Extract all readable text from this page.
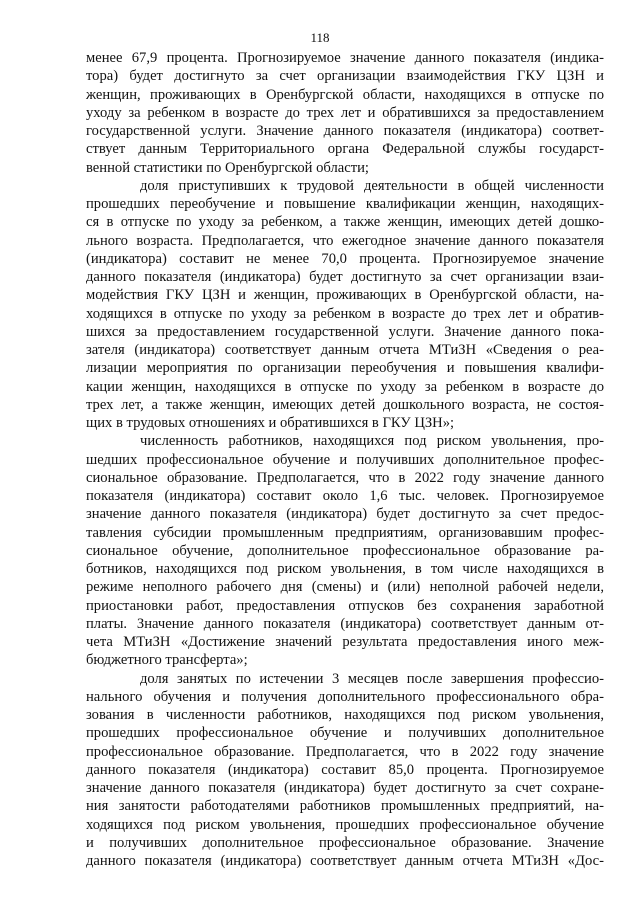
118
менее 67,9 процента. Прогнозируемое значение данного показателя (индика-
тора) будет достигнуто за счет организации взаимодействия ГКУ ЦЗН и
женщин, проживающих в Оренбургской области, находящихся в отпуске по
уходу за ребенком в возрасте до трех лет и обратившихся за предоставлением
государственной услуги. Значение данного показателя (индикатора) соответ-
ствует данным Территориального органа Федеральной службы государст-
венной статистики по Оренбургской области;
доля приступивших к трудовой деятельности в общей численности
прошедших переобучение и повышение квалификации женщин, находящих-
ся в отпуске по уходу за ребенком, а также женщин, имеющих детей дошко-
льного возраста. Предполагается, что ежегодное значение данного показателя
(индикатора) составит не менее 70,0 процента. Прогнозируемое значение
данного показателя (индикатора) будет достигнуто за счет организации взаи-
модействия ГКУ ЦЗН и женщин, проживающих в Оренбургской области, на-
ходящихся в отпуске по уходу за ребенком в возрасте до трех лет и обратив-
шихся за предоставлением государственной услуги. Значение данного пока-
зателя (индикатора) соответствует данным отчета МТиЗН «Сведения о реа-
лизации мероприятия по организации переобучения и повышения квалифи-
кации женщин, находящихся в отпуске по уходу за ребенком в возрасте до
трех лет, а также женщин, имеющих детей дошкольного возраста, не состоя-
щих в трудовых отношениях и обратившихся в ГКУ ЦЗН»;
численность работников, находящихся под риском увольнения, про-
шедших профессиональное обучение и получивших дополнительное профес-
сиональное образование. Предполагается, что в 2022 году значение данного
показателя (индикатора) составит около 1,6 тыс. человек. Прогнозируемое
значение данного показателя (индикатора) будет достигнуто за счет предос-
тавления субсидии промышленным предприятиям, организовавшим профес-
сиональное обучение, дополнительное профессиональное образование ра-
ботников, находящихся под риском увольнения, в том числе находящихся в
режиме неполного рабочего дня (смены) и (или) неполной рабочей недели,
приостановки работ, предоставления отпусков без сохранения заработной
платы. Значение данного показателя (индикатора) соответствует данным от-
чета МТиЗН «Достижение значений результата предоставления иного меж-
бюджетного трансферта»;
доля занятых по истечении 3 месяцев после завершения профессио-
нального обучения и получения дополнительного профессионального обра-
зования в численности работников, находящихся под риском увольнения,
прошедших профессиональное обучение и получивших дополнительное
профессиональное образование. Предполагается, что в 2022 году значение
данного показателя (индикатора) составит 85,0 процента. Прогнозируемое
значение данного показателя (индикатора) будет достигнуто за счет сохране-
ния занятости работодателями работников промышленных предприятий, на-
ходящихся под риском увольнения, прошедших профессиональное обучение
и получивших дополнительное профессиональное образование. Значение
данного показателя (индикатора) соответствует данным отчета МТиЗН «Дос-
